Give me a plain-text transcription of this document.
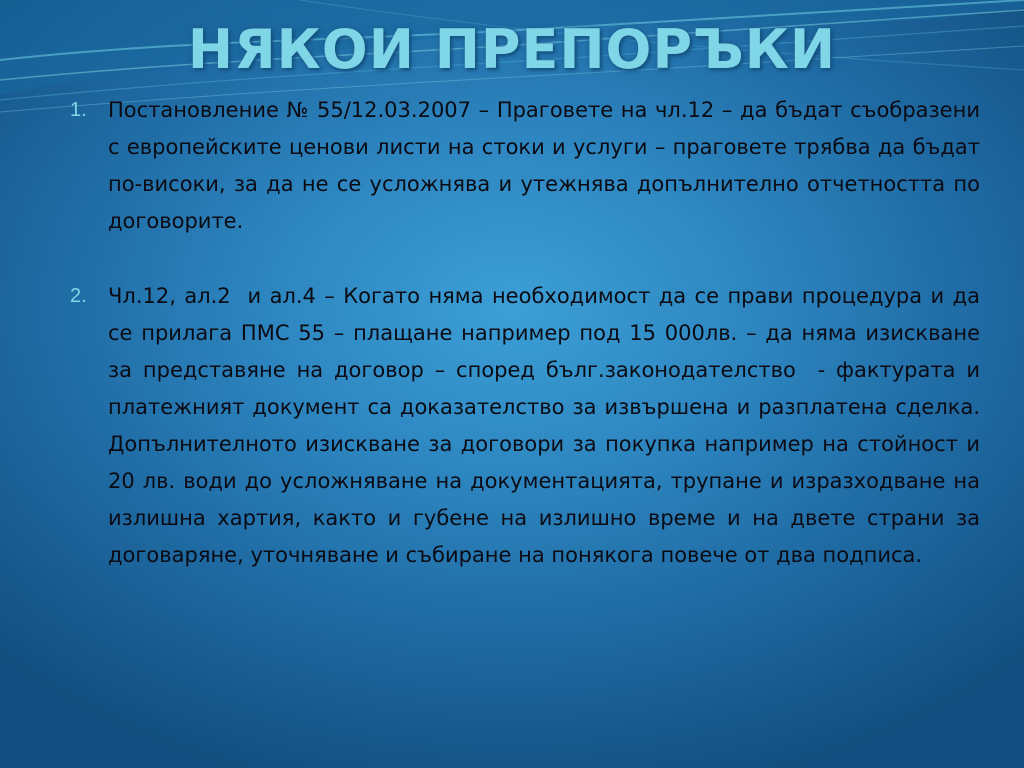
НЯКОИ ПРЕПОРЪКИ
1. Постановление № 55/12.03.2007 – Праговете на чл.12 – да бъдат съобразени с европейските ценови листи на стоки и услуги – праговете трябва да бъдат по-високи, за да не се усложнява и утежнява допълнително отчетността по договорите.
2. Чл.12, ал.2  и ал.4 – Когато няма необходимост да се прави процедура и да се прилага ПМС 55 – плащане например под 15 000лв. – да няма изискване за представяне на договор – според бълг.законодателство  - фактурата и платежният документ са доказателство за извършена и разплатена сделка. Допълнителното изискване за договори за покупка например на стойност и 20 лв. води до усложняване на документацията, трупане и изразходване на излишна хартия, както и губене на излишно време и на двете страни за договаряне, уточняване и събиране на понякога повече от два подписа.
